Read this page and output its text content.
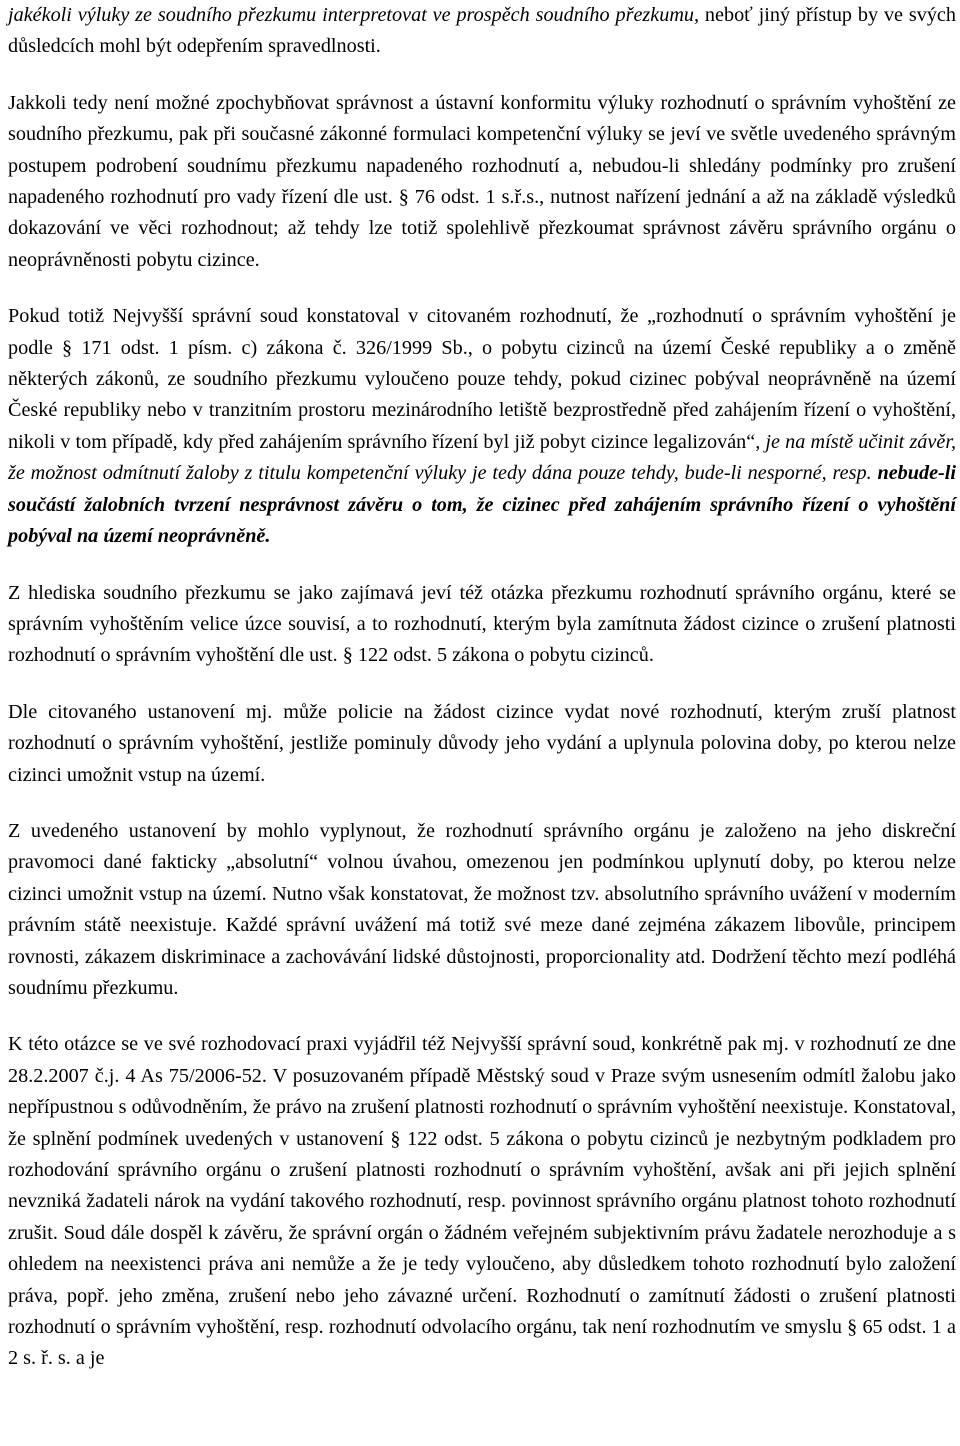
jakékoli výluky ze soudního přezkumu interpretovat ve prospěch soudního přezkumu, neboť jiný přístup by ve svých důsledcích mohl být odepřením spravedlnosti.

Jakkoli tedy není možné zpochybňovat správnost a ústavní konformitu výluky rozhodnutí o správním vyhoštění ze soudního přezkumu, pak při současné zákonné formulaci kompetenční výluky se jeví ve světle uvedeného správným postupem podrobení soudnímu přezkumu napadeného rozhodnutí a, nebudou-li shledány podmínky pro zrušení napadeného rozhodnutí pro vady řízení dle ust. § 76 odst. 1 s.ř.s., nutnost nařízení jednání a až na základě výsledků dokazování ve věci rozhodnout; až tehdy lze totiž spolehlivě přezkoumat správnost závěru správního orgánu o neoprávněnosti pobytu cizince.

Pokud totiž Nejvyšší správní soud konstatoval v citovaném rozhodnutí, že „rozhodnutí o správním vyhoštění je podle § 171 odst. 1 písm. c) zákona č. 326/1999 Sb., o pobytu cizinců na území České republiky a o změně některých zákonů, ze soudního přezkumu vyloučeno pouze tehdy, pokud cizinec pobýval neoprávněně na území České republiky nebo v tranzitním prostoru mezinárodního letiště bezprostředně před zahájením řízení o vyhoštění, nikoli v tom případě, kdy před zahájením správního řízení byl již pobyt cizince legalizován“, je na místě učinit závěr, že možnost odmítnutí žaloby z titulu kompetenční výluky je tedy dána pouze tehdy, bude-li nesporné, resp. nebude-li součástí žalobních tvrzení nesprávnost závěru o tom, že cizinec před zahájením správního řízení o vyhoštění pobýval na území neoprávněně.

Z hlediska soudního přezkumu se jako zajímavá jeví též otázka přezkumu rozhodnutí správního orgánu, které se správním vyhoštěním velice úzce souvisí, a to rozhodnutí, kterým byla zamítnuta žádost cizince o zrušení platnosti rozhodnutí o správním vyhoštění dle ust. § 122 odst. 5 zákona o pobytu cizinců.

Dle citovaného ustanovení mj. může policie na žádost cizince vydat nové rozhodnutí, kterým zruší platnost rozhodnutí o správním vyhoštění, jestliže pominuly důvody jeho vydání a uplynula polovina doby, po kterou nelze cizinci umožnit vstup na území.

Z uvedeného ustanovení by mohlo vyplynout, že rozhodnutí správního orgánu je založeno na jeho diskreční pravomoci dané fakticky „absolutní“ volnou úvahou, omezenou jen podmínkou uplynutí doby, po kterou nelze cizinci umožnit vstup na území. Nutno však konstatovat, že možnost tzv. absolutního správního uvážení v moderním právním státě neexistuje. Každé správní uvážení má totiž své meze dané zejména zákazem libovůle, principem rovnosti, zákazem diskriminace a zachovávání lidské důstojnosti, proporcionality atd. Dodržení těchto mezí podléhá soudnímu přezkumu.

K této otázce se ve své rozhodovací praxi vyjádřil též Nejvyšší správní soud, konkrétně pak mj. v rozhodnutí ze dne 28.2.2007 č.j. 4 As 75/2006-52. V posuzovaném případě Městský soud v Praze svým usnesením odmítl žalobu jako nepřípustnou s odůvodněním, že právo na zrušení platnosti rozhodnutí o správním vyhoštění neexistuje. Konstatoval, že splnění podmínek uvedených v ustanovení § 122 odst. 5 zákona o pobytu cizinců je nezbytným podkladem pro rozhodování správního orgánu o zrušení platnosti rozhodnutí o správním vyhoštění, avšak ani při jejich splnění nevzniká žadateli nárok na vydání takového rozhodnutí, resp. povinnost správního orgánu platnost tohoto rozhodnutí zrušit. Soud dále dospěl k závěru, že správní orgán o žádném veřejném subjektivním právu žadatele nerozhoduje a s ohledem na neexistenci práva ani nemůže a že je tedy vyloučeno, aby důsledkem tohoto rozhodnutí bylo založení práva, popř. jeho změna, zrušení nebo jeho závazné určení. Rozhodnutí o zamítnutí žádosti o zrušení platnosti rozhodnutí o správním vyhoštění, resp. rozhodnutí odvolacího orgánu, tak není rozhodnutím ve smyslu § 65 odst. 1 a 2 s. ř. s. a je
